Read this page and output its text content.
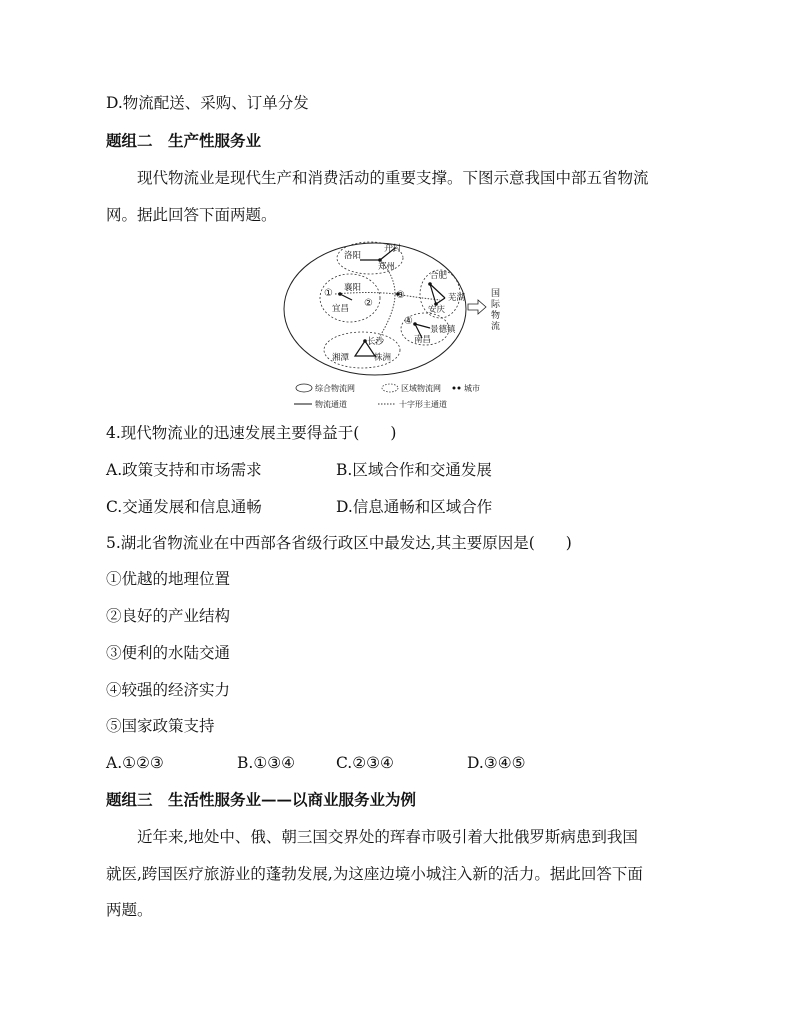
D.物流配送、采购、订单分发
题组二　生产性服务业
现代物流业是现代生产和消费活动的重要支撑。下图示意我国中部五省物流
网。据此回答下面两题。
洛阳
开封
郑州
襄阳
宜昌
合肥
芜湖
安庆
景德镇
南昌
长沙
湘潭	株洲
①
②
③
④
国
际
物
流
综合物流网	区域物流网	城市
物流通道	十字形主通道
4.现代物流业的迅速发展主要得益于(　　)
A.政策支持和市场需求	B.区域合作和交通发展
C.交通发展和信息通畅	D.信息通畅和区域合作
5.湖北省物流业在中西部各省级行政区中最发达,其主要原因是(　　)
①优越的地理位置
②良好的产业结构
③便利的水陆交通
④较强的经济实力
⑤国家政策支持
A.①②③	B.①③④	C.②③④	D.③④⑤
题组三　生活性服务业——以商业服务业为例
近年来,地处中、俄、朝三国交界处的珲春市吸引着大批俄罗斯病患到我国
就医,跨国医疗旅游业的蓬勃发展,为这座边境小城注入新的活力。据此回答下面
两题。
